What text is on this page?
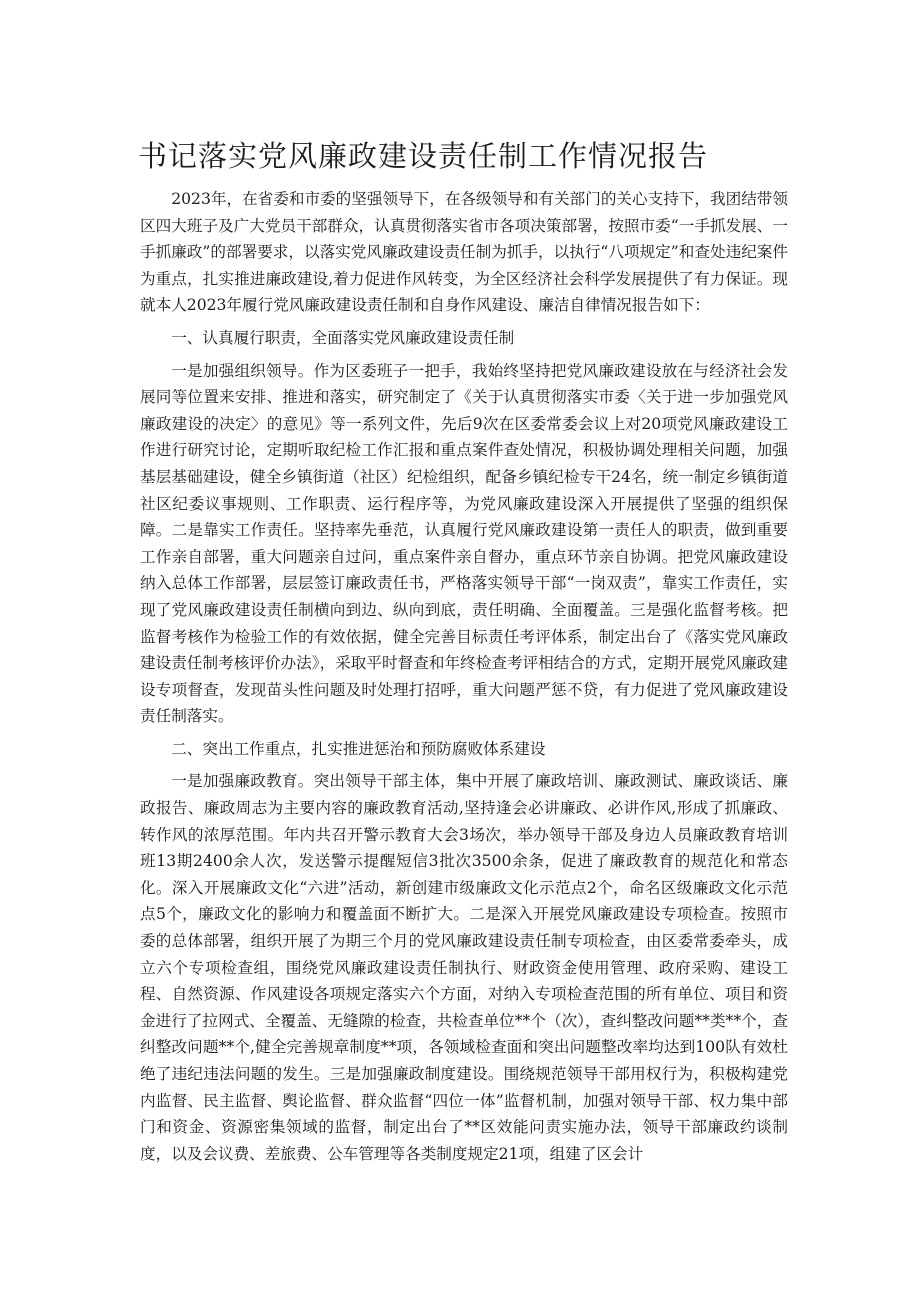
书记落实党风廉政建设责任制工作情况报告

2023年，在省委和市委的坚强领导下，在各级领导和有关部门的关心支持下，我团结带领区四大班子及广大党员干部群众，认真贯彻落实省市各项决策部署，按照市委“一手抓发展、一手抓廉政”的部署要求，以落实党风廉政建设责任制为抓手，以执行“八项规定”和查处违纪案件为重点，扎实推进廉政建设,着力促进作风转变，为全区经济社会科学发展提供了有力保证。现就本人2023年履行党风廉政建设责任制和自身作风建设、廉洁自律情况报告如下：

一、认真履行职责，全面落实党风廉政建设责任制

一是加强组织领导。作为区委班子一把手，我始终坚持把党风廉政建设放在与经济社会发展同等位置来安排、推进和落实，研究制定了《关于认真贯彻落实市委〈关于进一步加强党风廉政建设的决定〉的意见》等一系列文件，先后9次在区委常委会议上对20项党风廉政建设工作进行研究讨论，定期听取纪检工作汇报和重点案件查处情况，积极协调处理相关问题，加强基层基础建设，健全乡镇街道（社区）纪检组织，配备乡镇纪检专干24名，统一制定乡镇街道社区纪委议事规则、工作职责、运行程序等，为党风廉政建设深入开展提供了坚强的组织保障。二是靠实工作责任。坚持率先垂范，认真履行党风廉政建设第一责任人的职责，做到重要工作亲自部署，重大问题亲自过问，重点案件亲自督办，重点环节亲自协调。把党风廉政建设纳入总体工作部署，层层签订廉政责任书，严格落实领导干部“一岗双责”，靠实工作责任，实现了党风廉政建设责任制横向到边、纵向到底，责任明确、全面覆盖。三是强化监督考核。把监督考核作为检验工作的有效依据，健全完善目标责任考评体系，制定出台了《落实党风廉政建设责任制考核评价办法》，采取平时督查和年终检查考评相结合的方式，定期开展党风廉政建设专项督查，发现苗头性问题及时处理打招呼，重大问题严惩不贷，有力促进了党风廉政建设责任制落实。

二、突出工作重点，扎实推进惩治和预防腐败体系建设

一是加强廉政教育。突出领导干部主体，集中开展了廉政培训、廉政测试、廉政谈话、廉政报告、廉政周志为主要内容的廉政教育活动,坚持逢会必讲廉政、必讲作风,形成了抓廉政、转作风的浓厚范围。年内共召开警示教育大会3场次，举办领导干部及身边人员廉政教育培训班13期2400余人次，发送警示提醒短信3批次3500余条，促进了廉政教育的规范化和常态化。深入开展廉政文化“六进”活动，新创建市级廉政文化示范点2个，命名区级廉政文化示范点5个，廉政文化的影响力和覆盖面不断扩大。二是深入开展党风廉政建设专项检查。按照市委的总体部署，组织开展了为期三个月的党风廉政建设责任制专项检查，由区委常委牵头，成立六个专项检查组，围绕党风廉政建设责任制执行、财政资金使用管理、政府采购、建设工程、自然资源、作风建设各项规定落实六个方面，对纳入专项检查范围的所有单位、项目和资金进行了拉网式、全覆盖、无缝隙的检查，共检查单位**个（次），查纠整改问题**类**个，查纠整改问题**个,健全完善规章制度**项，各领域检查面和突出问题整改率均达到100队有效杜绝了违纪违法问题的发生。三是加强廉政制度建设。围绕规范领导干部用权行为，积极构建党内监督、民主监督、舆论监督、群众监督“四位一体”监督机制，加强对领导干部、权力集中部门和资金、资源密集领域的监督，制定出台了**区效能问责实施办法，领导干部廉政约谈制度，以及会议费、差旅费、公车管理等各类制度规定21项，组建了区会计
